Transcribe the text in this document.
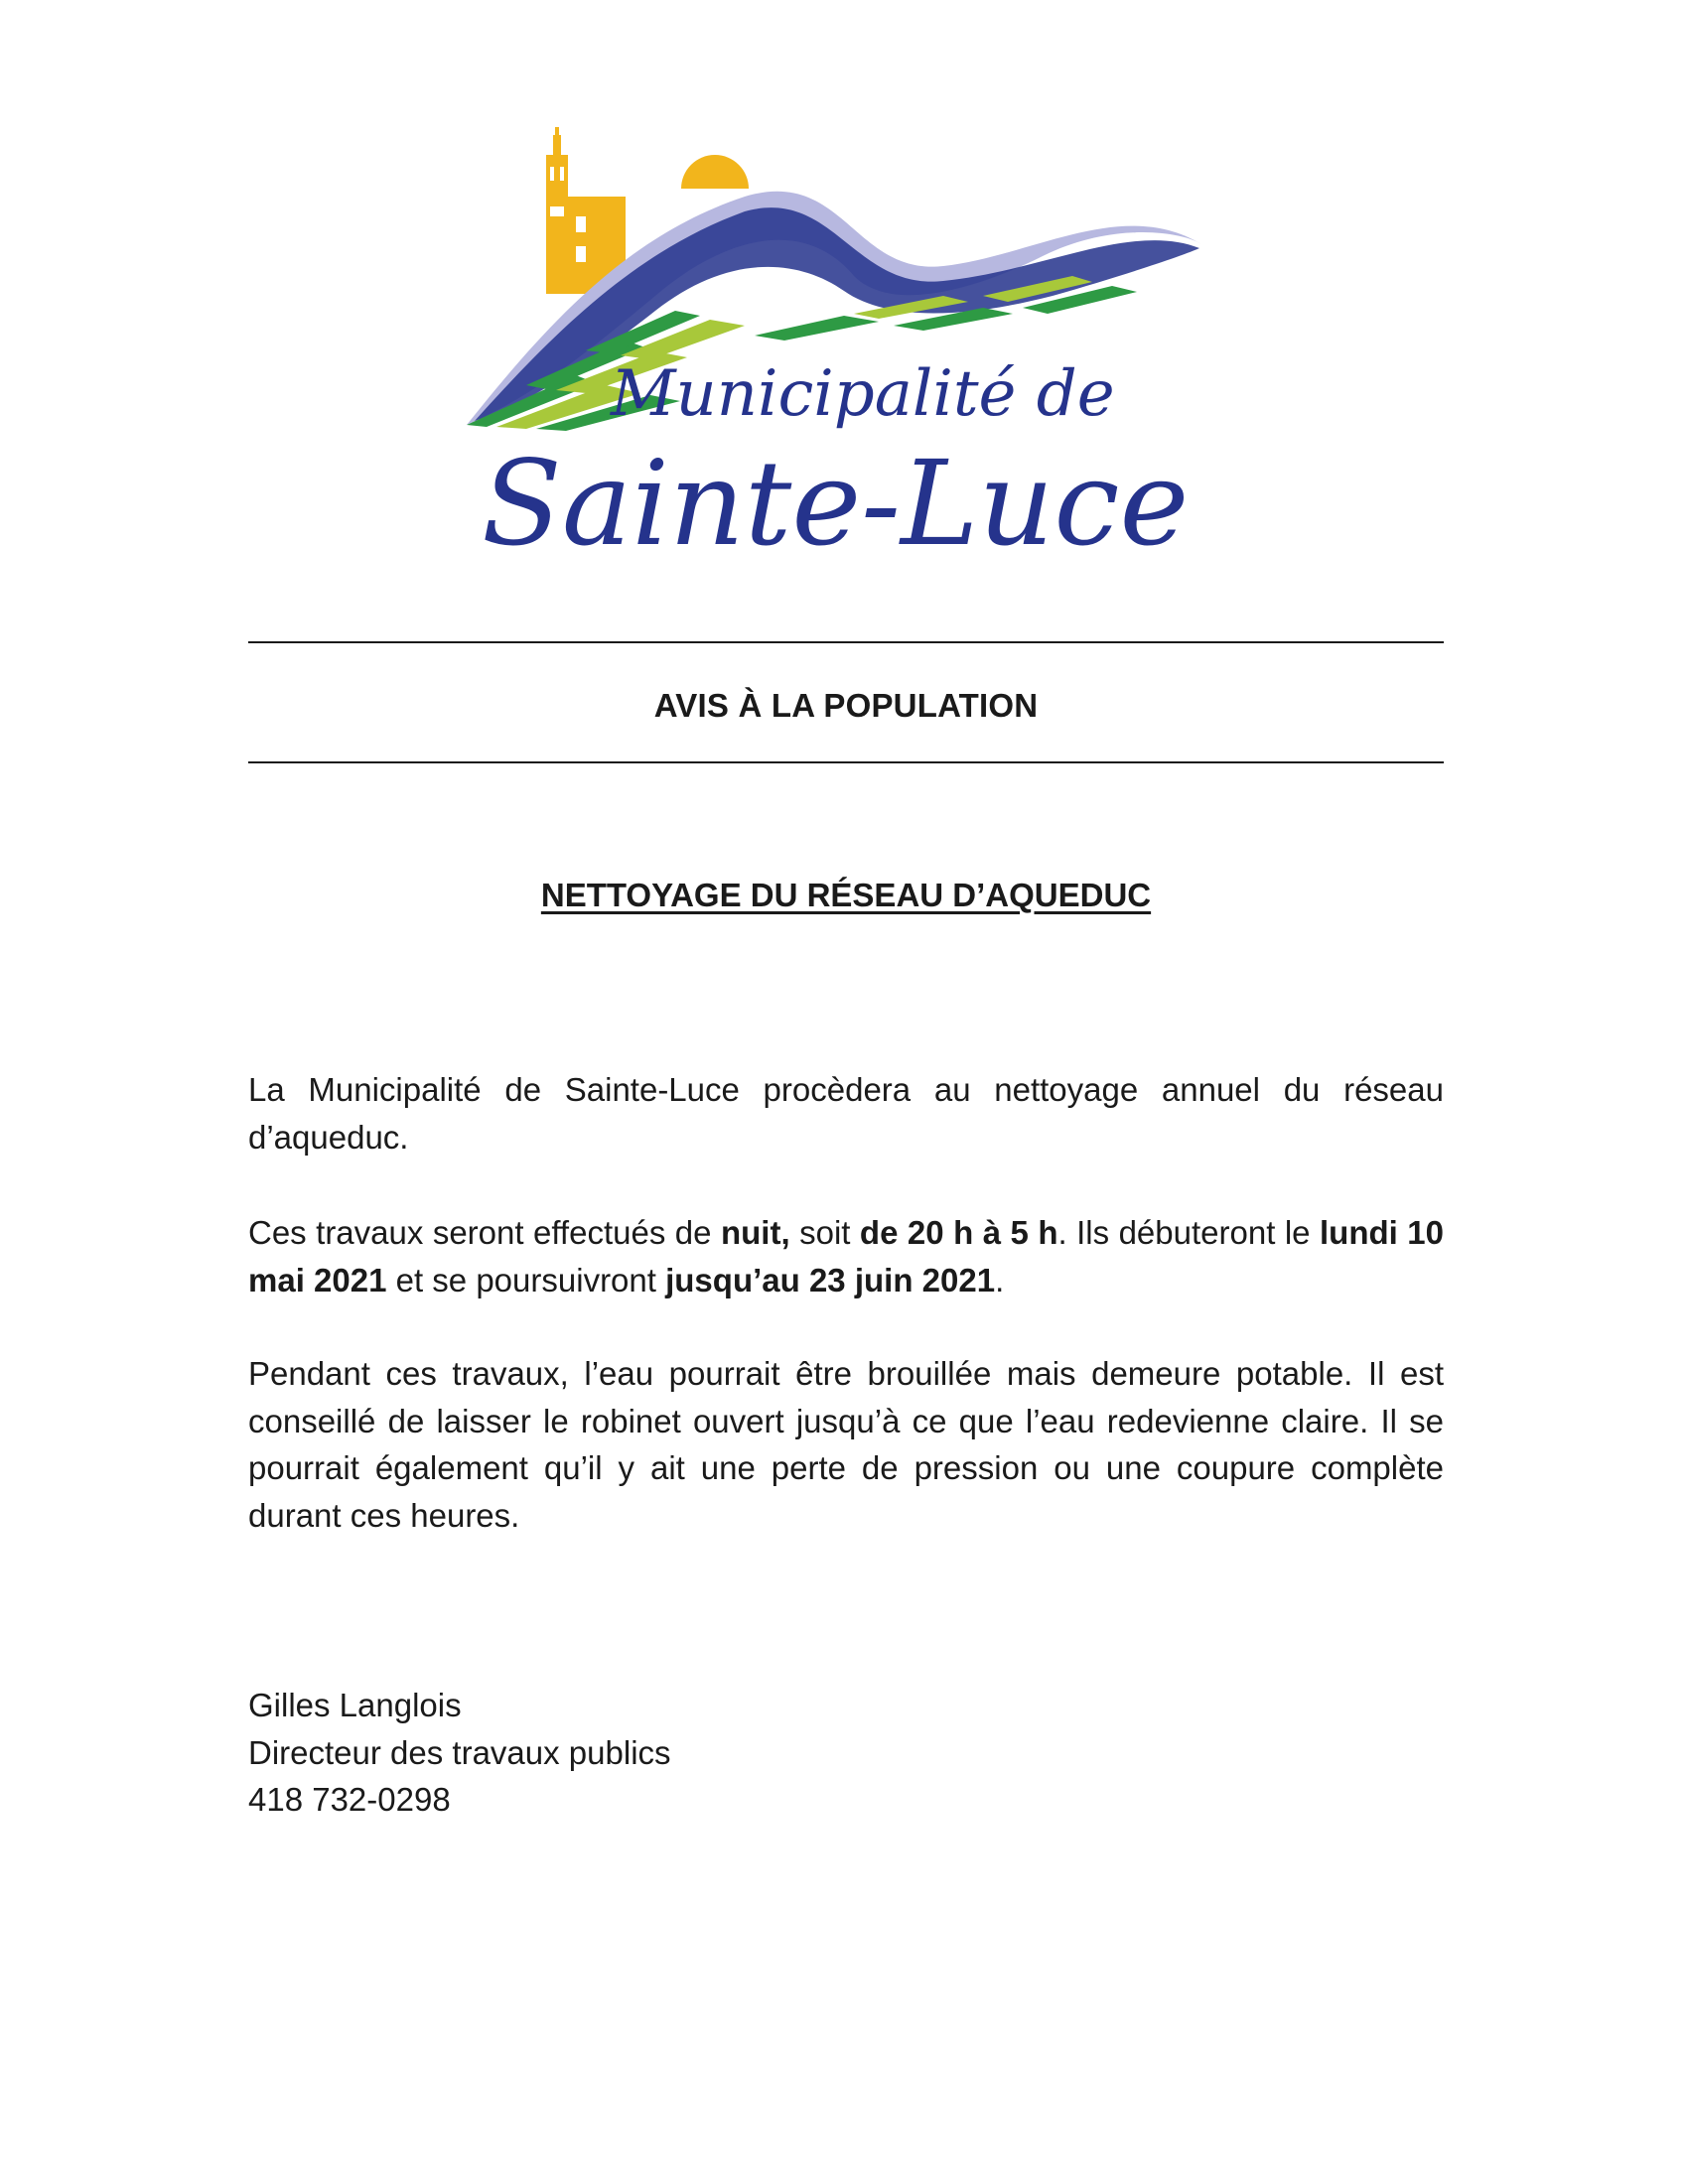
Municipalité de
Sainte-Luce
AVIS À LA POPULATION
NETTOYAGE DU RÉSEAU D’AQUEDUC
La Municipalité de Sainte-Luce procèdera au nettoyage annuel du réseau d’aqueduc.
Ces travaux seront effectués de nuit, soit de 20 h à 5 h. Ils débuteront le lundi 10 mai 2021 et se poursuivront jusqu’au 23 juin 2021.
Pendant ces travaux, l’eau pourrait être brouillée mais demeure potable. Il est conseillé de laisser le robinet ouvert jusqu’à ce que l’eau redevienne claire. Il se pourrait également qu’il y ait une perte de pression ou une coupure complète durant ces heures.
Gilles Langlois
Directeur des travaux publics
418 732-0298
